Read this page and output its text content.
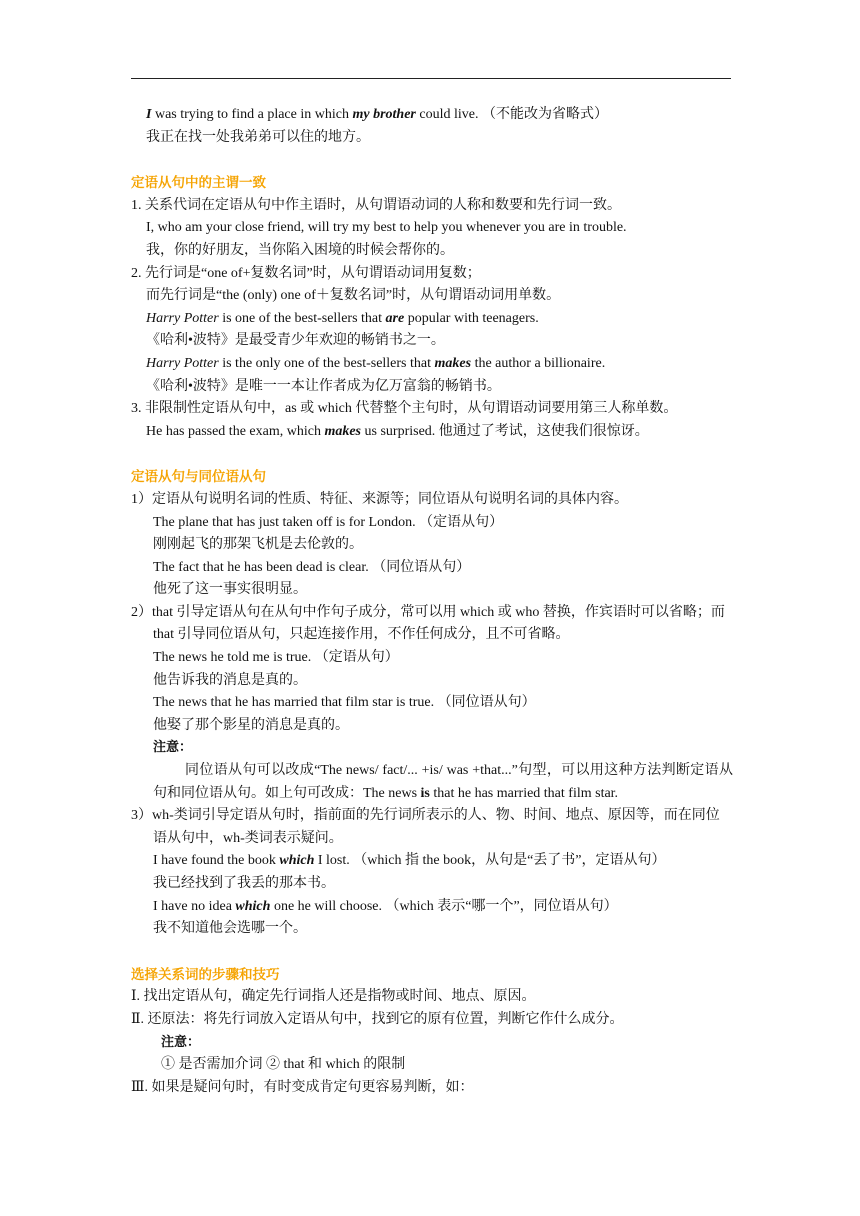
I was trying to find a place in which my brother could live. （不能改为省略式）
我正在找一处我弟弟可以住的地方。
定语从句中的主谓一致
1. 关系代词在定语从句中作主语时，从句谓语动词的人称和数要和先行词一致。
I, who am your close friend, will try my best to help you whenever you are in trouble.
我，你的好朋友，当你陷入困境的时候会帮你的。
2. 先行词是“one of+复数名词”时，从句谓语动词用复数；
而先行词是“the (only) one of＋复数名词”时，从句谓语动词用单数。
Harry Potter is one of the best-sellers that are popular with teenagers.
《哈利•波特》是最受青少年欢迎的畅销书之一。
Harry Potter is the only one of the best-sellers that makes the author a billionaire.
《哈利•波特》是唯一一本让作者成为亿万富翁的畅销书。
3. 非限制性定语从句中，as 或 which 代替整个主句时，从句谓语动词要用第三人称单数。
He has passed the exam, which makes us surprised. 他通过了考试，这使我们很惊讶。
定语从句与同位语从句
1）定语从句说明名词的性质、特征、来源等；同位语从句说明名词的具体内容。
The plane that has just taken off is for London. （定语从句）
刚刚起飞的那架飞机是去伦敦的。
The fact that he has been dead is clear. （同位语从句）
他死了这一事实很明显。
2）that 引导定语从句在从句中作句子成分，常可以用 which 或 who 替换，作宾语时可以省略；而 that 引导同位语从句，只起连接作用，不作任何成分，且不可省略。
The news he told me is true. （定语从句）
他告诉我的消息是真的。
The news that he has married that film star is true. （同位语从句）
他娶了那个影星的消息是真的。
注意：
同位语从句可以改成“The news/ fact/... +is/ was +that...”句型，可以用这种方法判断定语从句和同位语从句。如上句可改成：The news is that he has married that film star.
3）wh-类词引导定语从句时，指前面的先行词所表示的人、物、时间、地点、原因等，而在同位语从句中，wh-类词表示疑问。
I have found the book which I lost. （which 指 the book，从句是“丢了书”，定语从句）
我已经找到了我丢的那本书。
I have no idea which one he will choose. （which 表示“哪一个”，同位语从句）
我不知道他会选哪一个。
选择关系词的步骤和技巧
Ⅰ. 找出定语从句，确定先行词指人还是指物或时间、地点、原因。
Ⅱ. 还原法：将先行词放入定语从句中，找到它的原有位置，判断它作什么成分。
注意：
① 是否需加介词 ② that 和 which 的限制
Ⅲ. 如果是疑问句时，有时变成肯定句更容易判断，如：
